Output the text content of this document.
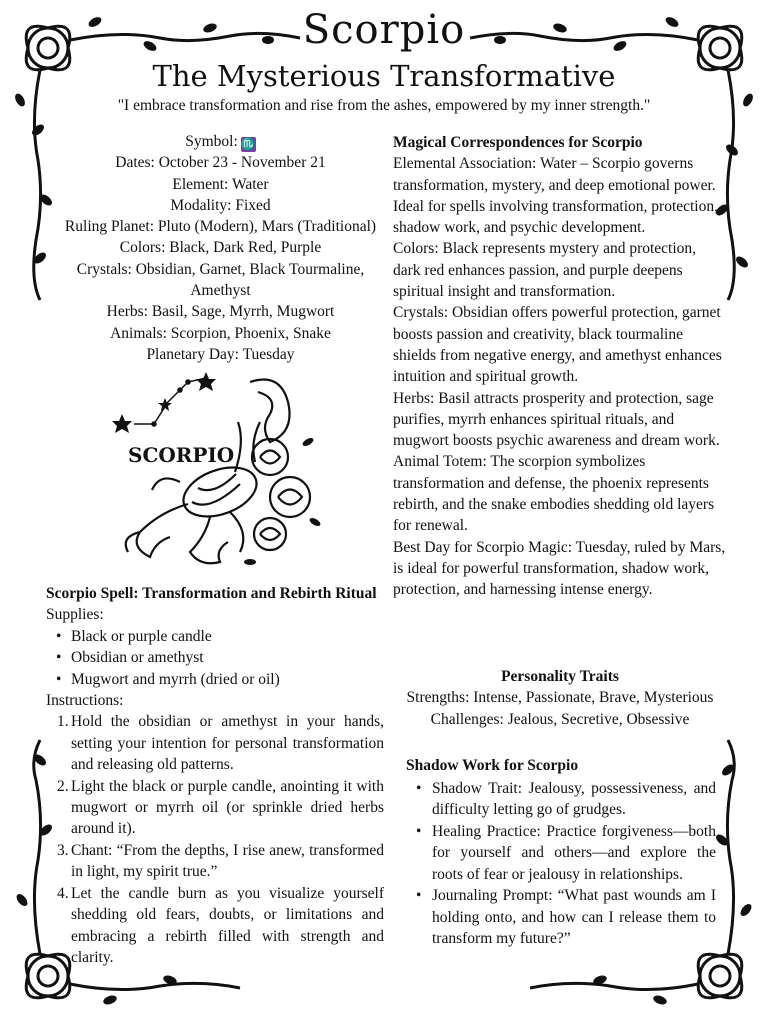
Scorpio
The Mysterious Transformative
"I embrace transformation and rise from the ashes, empowered by my inner strength."
Symbol: ♏
Dates: October 23 - November 21
Element: Water
Modality: Fixed
Ruling Planet: Pluto (Modern), Mars (Traditional)
Colors: Black, Dark Red, Purple
Crystals: Obsidian, Garnet, Black Tourmaline, Amethyst
Herbs: Basil, Sage, Myrrh, Mugwort
Animals: Scorpion, Phoenix, Snake
Planetary Day: Tuesday
SCORPIO

Magical Correspondences for Scorpio

Elemental Association: Water – Scorpio governs transformation, mystery, and deep emotional power. Ideal for spells involving transformation, protection, shadow work, and psychic development.

Colors: Black represents mystery and protection, dark red enhances passion, and purple deepens spiritual insight and transformation.

Crystals: Obsidian offers powerful protection, garnet boosts passion and creativity, black tourmaline shields from negative energy, and amethyst enhances intuition and spiritual growth.

Herbs: Basil attracts prosperity and protection, sage purifies, myrrh enhances spiritual rituals, and mugwort boosts psychic awareness and dream work.

Animal Totem: The scorpion symbolizes transformation and defense, the phoenix represents rebirth, and the snake embodies shedding old layers for renewal.

Best Day for Scorpio Magic: Tuesday, ruled by Mars, is ideal for powerful transformation, shadow work, protection, and harnessing intense energy.

Personality Traits
Strengths: Intense, Passionate, Brave, Mysterious
Challenges: Jealous, Secretive, Obsessive
Scorpio Spell: Transformation and Rebirth Ritual
Supplies:
• Black or purple candle
• Obsidian or amethyst
• Mugwort and myrrh (dried or oil)
Instructions:
1. Hold the obsidian or amethyst in your hands, setting your intention for personal transformation and releasing old patterns.
2. Light the black or purple candle, anointing it with mugwort or myrrh oil (or sprinkle dried herbs around it).
3. Chant: “From the depths, I rise anew, transformed in light, my spirit true.”
4. Let the candle burn as you visualize yourself shedding old fears, doubts, or limitations and embracing a rebirth filled with strength and clarity.
Shadow Work for Scorpio
• Shadow Trait: Jealousy, possessiveness, and difficulty letting go of grudges.
• Healing Practice: Practice forgiveness—both for yourself and others—and explore the roots of fear or jealousy in relationships.
• Journaling Prompt: “What past wounds am I holding onto, and how can I release them to transform my future?”
